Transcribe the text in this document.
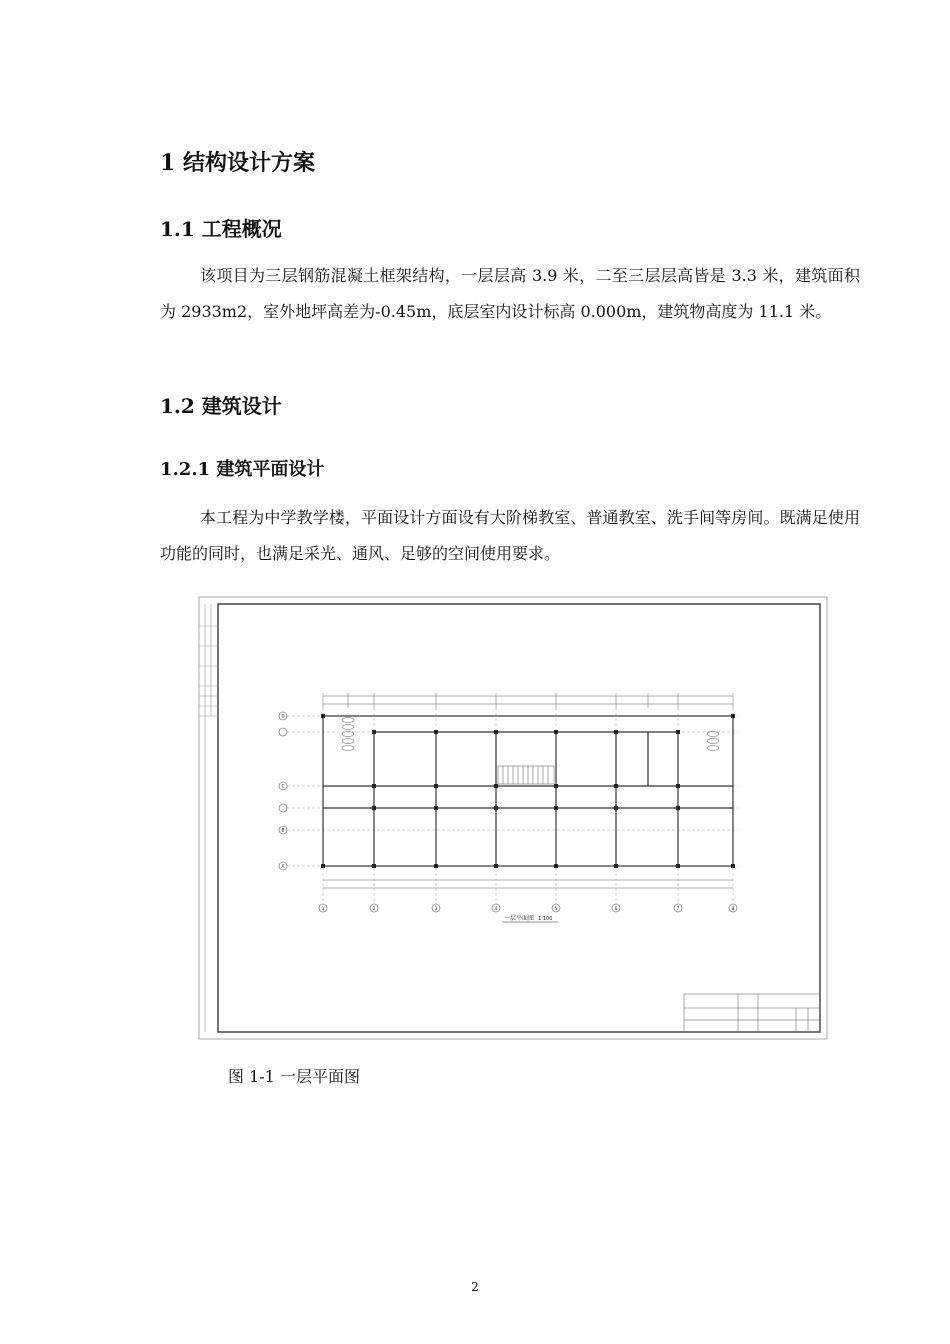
1 结构设计方案
1.1 工程概况

该项目为三层钢筋混凝土框架结构，一层层高 3.9 米，二至三层层高皆是 3.3 米，建筑面积为 2933m2，室外地坪高差为-0.45m，底层室内设计标高 0.000m，建筑物高度为 11.1 米。

1.2 建筑设计
1.2.1 建筑平面设计

本工程为中学教学楼，平面设计方面设有大阶梯教室、普通教室、洗手间等房间。既满足使用功能的同时，也满足采光、通风、足够的空间使用要求。

一层平面图 1:100
1	2	3	4	5	6	7	8
D
C
B
A
图 1-1 一层平面图
2
